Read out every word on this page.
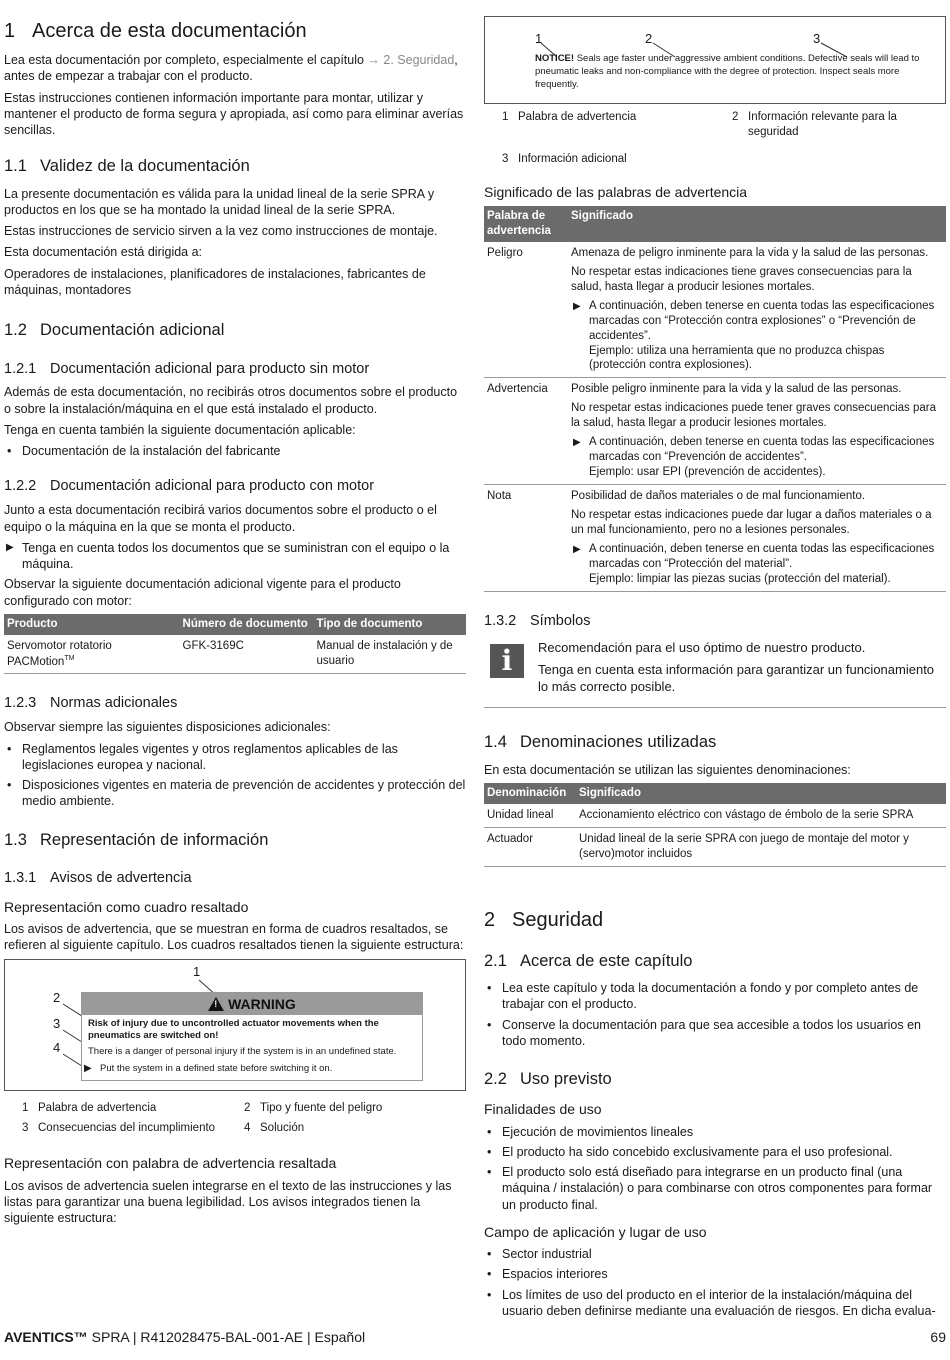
1 Acerca de esta documentación

Lea esta documentación por completo, especialmente el capítulo → 2. Seguridad, antes de empezar a trabajar con el producto.

Estas instrucciones contienen información importante para montar, utilizar y mantener el producto de forma segura y apropiada, así como para eliminar averías sencillas.

1.1 Validez de la documentación

La presente documentación es válida para la unidad lineal de la serie SPRA y productos en los que se ha montado la unidad lineal de la serie SPRA.

Estas instrucciones de servicio sirven a la vez como instrucciones de montaje.

Esta documentación está dirigida a:

Operadores de instalaciones, planificadores de instalaciones, fabricantes de máquinas, montadores

1.2 Documentación adicional
1.2.1 Documentación adicional para producto sin motor

Además de esta documentación, no recibirás otros documentos sobre el producto o sobre la instalación/máquina en el que está instalado el producto.

Tenga en cuenta también la siguiente documentación aplicable:

• Documentación de la instalación del fabricante
1.2.2 Documentación adicional para producto con motor

Junto a esta documentación recibirá varios documentos sobre el producto o el equipo o la máquina en la que se monta el producto.

▶ Tenga en cuenta todos los documentos que se suministran con el equipo o la máquina.

Observar la siguiente documentación adicional vigente para el producto configurado con motor:

Producto	Número de documento	Tipo de documento
Servomotor rotatorio PACMotion™	GFK-3169C	Manual de instalación y de usuario
1.2.3 Normas adicionales

Observar siempre las siguientes disposiciones adicionales:

• Reglamentos legales vigentes y otros reglamentos aplicables de las legislaciones europea y nacional.
• Disposiciones vigentes en materia de prevención de accidentes y protección del medio ambiente.
1.3 Representación de información
1.3.1 Avisos de advertencia
Representación como cuadro resaltado

Los avisos de advertencia, que se muestran en forma de cuadros resaltados, se refieren al siguiente capítulo. Los cuadros resaltados tienen la siguiente estructura:

1
2
3
4
! WARNING
Risk of injury due to uncontrolled actuator movements when the pneumatics are switched on!
There is a danger of personal injury if the system is in an undefined state.
▶ Put the system in a defined state before switching it on.
1 Palabra de advertencia	2 Tipo y fuente del peligro
3 Consecuencias del incumplimiento	4 Solución
Representación con palabra de advertencia resaltada

Los avisos de advertencia suelen integrarse en el texto de las instrucciones y las listas para garantizar una buena legibilidad. Los avisos integrados tienen la siguiente estructura:

1	2	3
NOTICE! Seals age faster under aggressive ambient conditions. Defective seals will lead to pneumatic leaks and non-compliance with the degree of protection. Inspect seals more frequently.
1 Palabra de advertencia	2 Información relevante para la seguridad
3 Información adicional
Significado de las palabras de advertencia
Palabra de advertencia	Significado
Peligro	Amenaza de peligro inminente para la vida y la salud de las personas.

No respetar estas indicaciones tiene graves consecuencias para la salud, hasta llegar a producir lesiones mortales.

▶ A continuación, deben tenerse en cuenta todas las especificaciones marcadas con “Protección contra explosiones” o “Prevención de accidentes”.
Ejemplo: utiliza una herramienta que no produzca chispas (protección contra explosiones).

Advertencia	Posible peligro inminente para la vida y la salud de las personas.

No respetar estas indicaciones puede tener graves consecuencias para la salud, hasta llegar a producir lesiones mortales.

▶ A continuación, deben tenerse en cuenta todas las especificaciones marcadas con “Prevención de accidentes”.
Ejemplo: usar EPI (prevención de accidentes).

Nota	Posibilidad de daños materiales o de mal funcionamiento.

No respetar estas indicaciones puede dar lugar a daños materiales o a un mal funcionamiento, pero no a lesiones personales.

▶ A continuación, deben tenerse en cuenta todas las especificaciones marcadas con “Protección del material”.
Ejemplo: limpiar las piezas sucias (protección del material).
1.3.2 Símbolos
i	Recomendación para el uso óptimo de nuestro producto.

Tenga en cuenta esta información para garantizar un funcionamiento lo más correcto posible.

1.4 Denominaciones utilizadas

En esta documentación se utilizan las siguientes denominaciones:

Denominación	Significado
Unidad lineal	Accionamiento eléctrico con vástago de émbolo de la serie SPRA
Actuador	Unidad lineal de la serie SPRA con juego de montaje del motor y (servo)motor incluidos
2 Seguridad
2.1 Acerca de este capítulo
• Lea este capítulo y toda la documentación a fondo y por completo antes de trabajar con el producto.
• Conserve la documentación para que sea accesible a todos los usuarios en todo momento.
2.2 Uso previsto
Finalidades de uso
• Ejecución de movimientos lineales
• El producto ha sido concebido exclusivamente para el uso profesional.
• El producto solo está diseñado para integrarse en un producto final (una máquina / instalación) o para combinarse con otros componentes para formar un producto final.
Campo de aplicación y lugar de uso
• Sector industrial
• Espacios interiores
• Los límites de uso del producto en el interior de la instalación/máquina del usuario deben definirse mediante una evaluación de riesgos. En dicha evalua-
AVENTICS™ SPRA | R412028475-BAL-001-AE | Español	69
